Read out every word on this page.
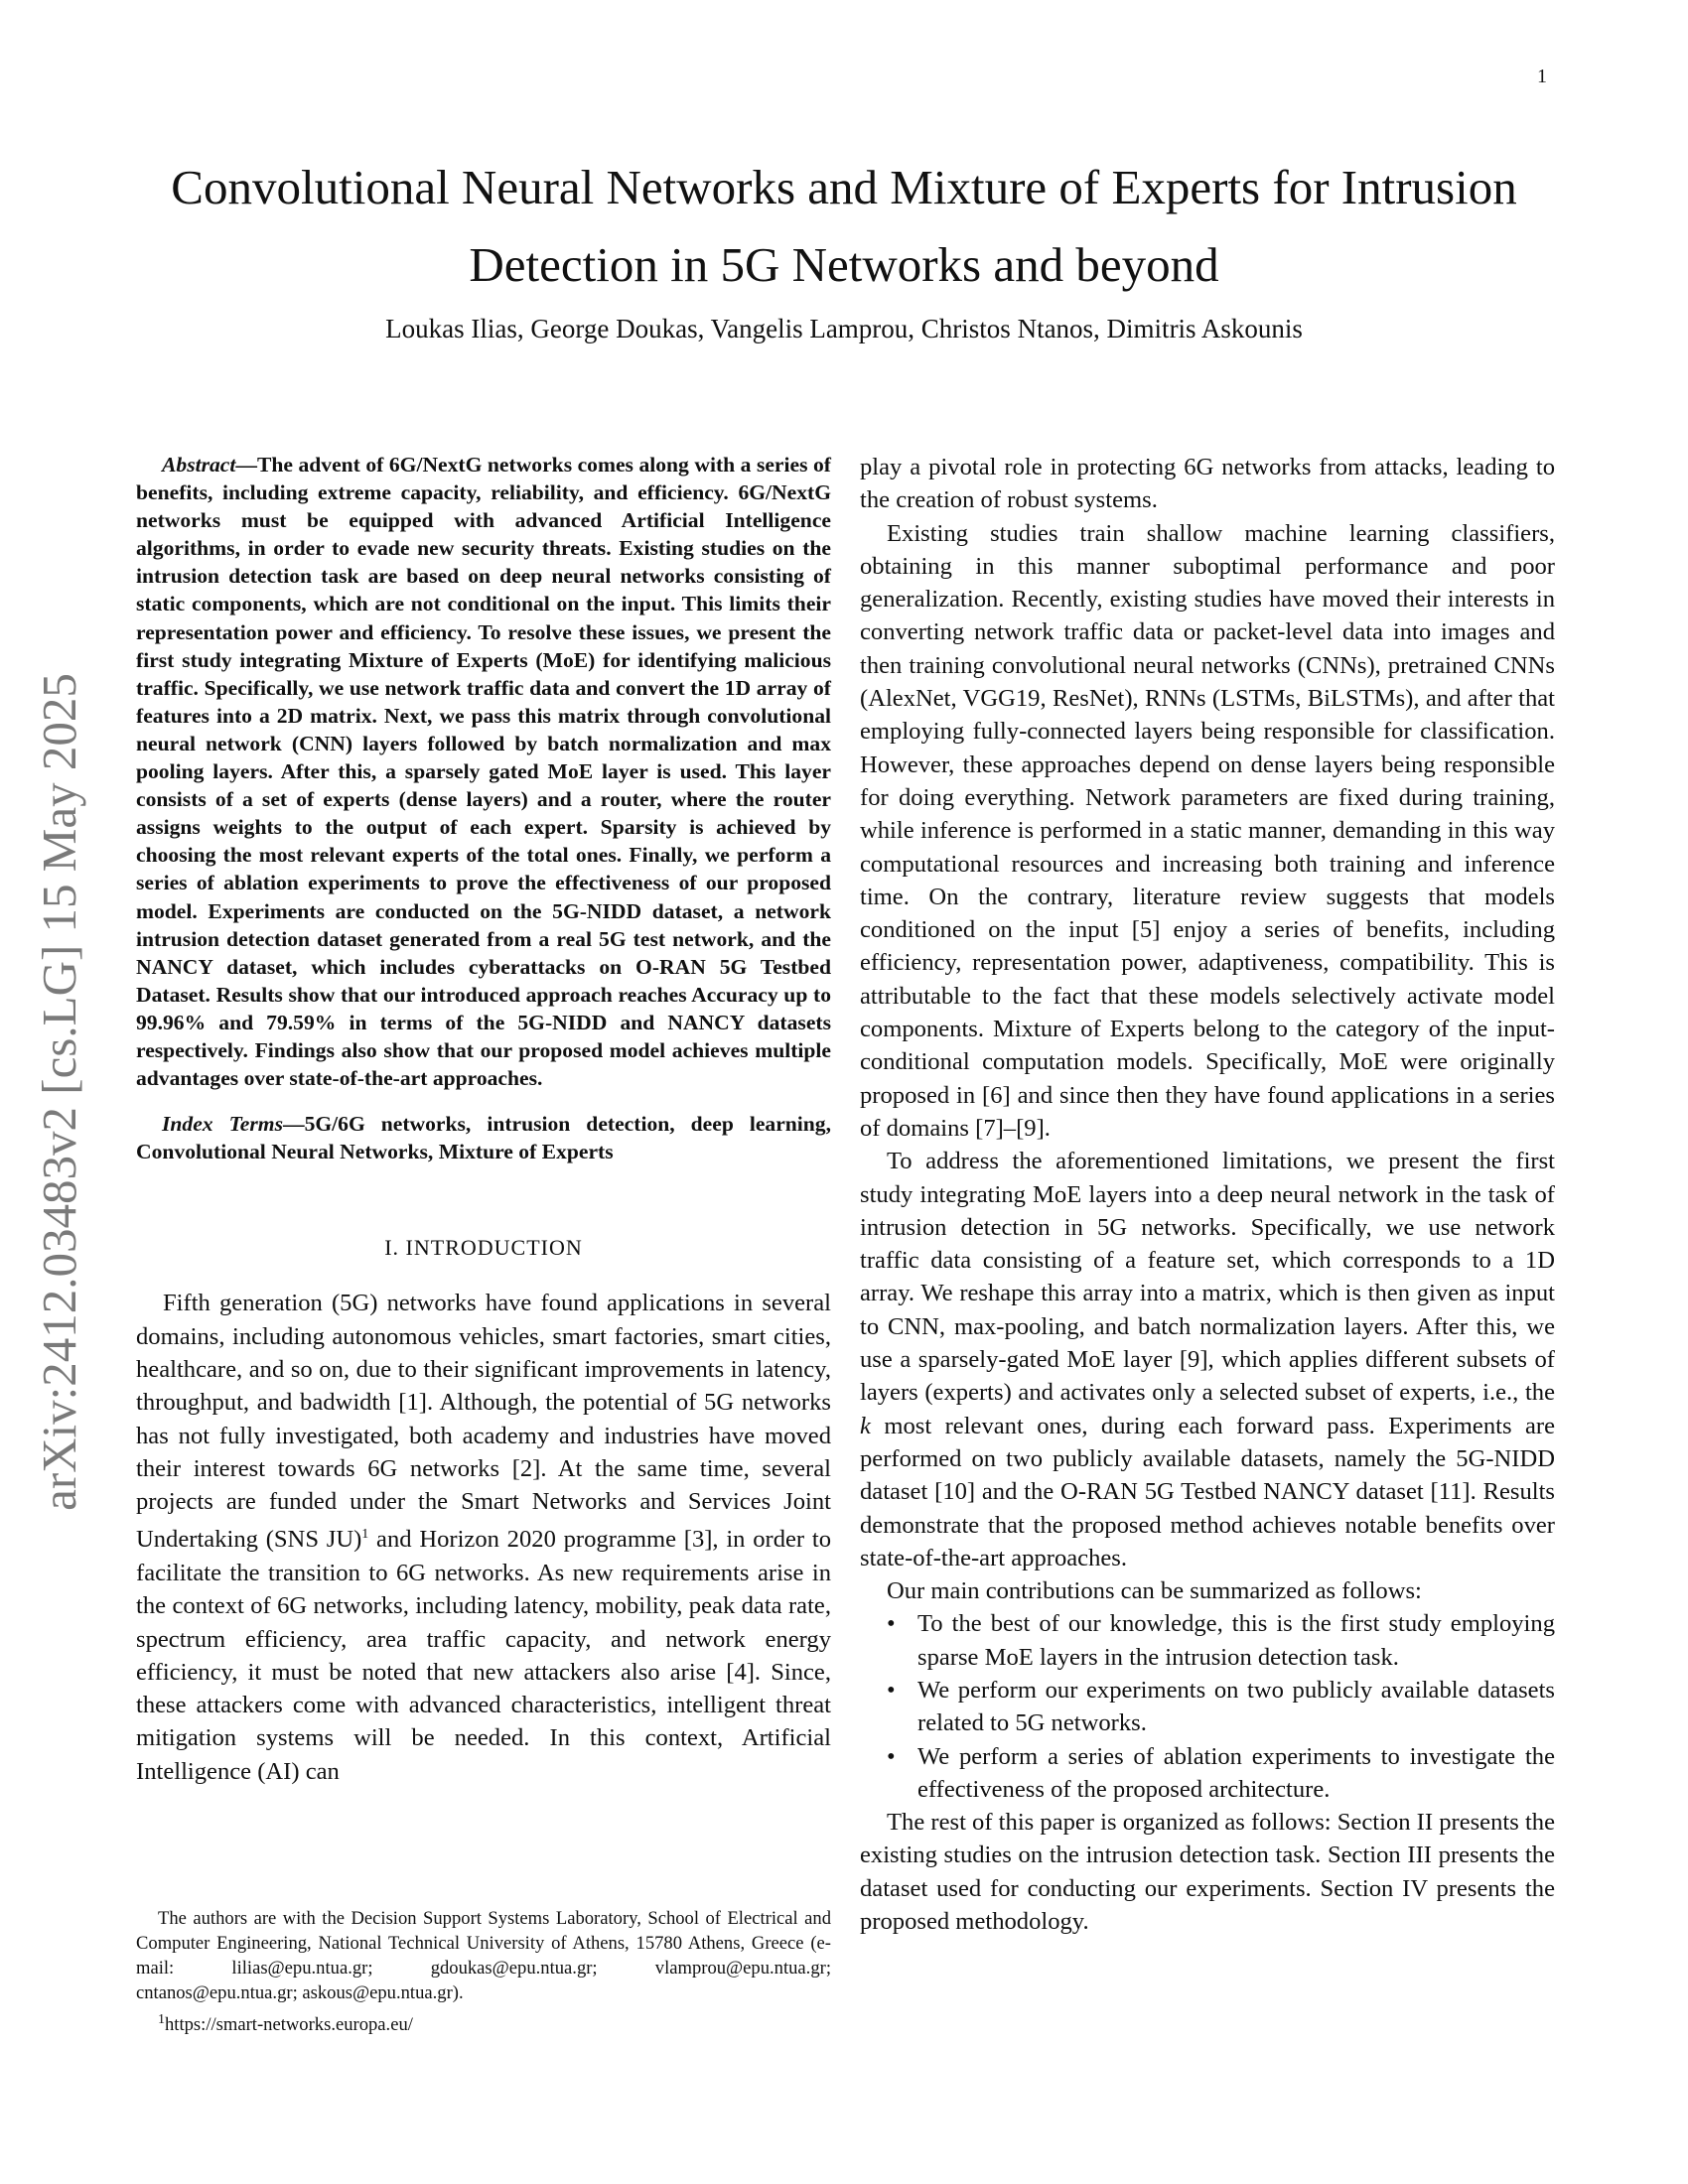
1
arXiv:2412.03483v2 [cs.LG] 15 May 2025
Convolutional Neural Networks and Mixture of Experts for Intrusion Detection in 5G Networks and beyond
Loukas Ilias, George Doukas, Vangelis Lamprou, Christos Ntanos, Dimitris Askounis

Abstract—The advent of 6G/NextG networks comes along with a series of benefits, including extreme capacity, reliability, and efficiency. 6G/NextG networks must be equipped with advanced Artificial Intelligence algorithms, in order to evade new security threats. Existing studies on the intrusion detection task are based on deep neural networks consisting of static components, which are not conditional on the input. This limits their representation power and efficiency. To resolve these issues, we present the first study integrating Mixture of Experts (MoE) for identifying malicious traffic. Specifically, we use network traffic data and convert the 1D array of features into a 2D matrix. Next, we pass this matrix through convolutional neural network (CNN) layers followed by batch normalization and max pooling layers. After this, a sparsely gated MoE layer is used. This layer consists of a set of experts (dense layers) and a router, where the router assigns weights to the output of each expert. Sparsity is achieved by choosing the most relevant experts of the total ones. Finally, we perform a series of ablation experiments to prove the effectiveness of our proposed model. Experiments are conducted on the 5G-NIDD dataset, a network intrusion detection dataset generated from a real 5G test network, and the NANCY dataset, which includes cyberattacks on O-RAN 5G Testbed Dataset. Results show that our introduced approach reaches Accuracy up to 99.96% and 79.59% in terms of the 5G-NIDD and NANCY datasets respectively. Findings also show that our proposed model achieves multiple advantages over state-of-the-art approaches.

Index Terms—5G/6G networks, intrusion detection, deep learning, Convolutional Neural Networks, Mixture of Experts

I. INTRODUCTION

Fifth generation (5G) networks have found applications in several domains, including autonomous vehicles, smart factories, smart cities, healthcare, and so on, due to their significant improvements in latency, throughput, and badwidth [1]. Although, the potential of 5G networks has not fully investigated, both academy and industries have moved their interest towards 6G networks [2]. At the same time, several projects are funded under the Smart Networks and Services Joint Undertaking (SNS JU)$^1$ and Horizon 2020 programme [3], in order to facilitate the transition to 6G networks. As new requirements arise in the context of 6G networks, including latency, mobility, peak data rate, spectrum efficiency, area traffic capacity, and network energy efficiency, it must be noted that new attackers also arise [4]. Since, these attackers come with advanced characteristics, intelligent threat mitigation systems will be needed. In this context, Artificial Intelligence (AI) can

play a pivotal role in protecting 6G networks from attacks, leading to the creation of robust systems.

Existing studies train shallow machine learning classifiers, obtaining in this manner suboptimal performance and poor generalization. Recently, existing studies have moved their interests in converting network traffic data or packet-level data into images and then training convolutional neural networks (CNNs), pretrained CNNs (AlexNet, VGG19, ResNet), RNNs (LSTMs, BiLSTMs), and after that employing fully-connected layers being responsible for classification. However, these approaches depend on dense layers being responsible for doing everything. Network parameters are fixed during training, while inference is performed in a static manner, demanding in this way computational resources and increasing both training and inference time. On the contrary, literature review suggests that models conditioned on the input [5] enjoy a series of benefits, including efficiency, representation power, adaptiveness, compatibility. This is attributable to the fact that these models selectively activate model components. Mixture of Experts belong to the category of the input-conditional computation models. Specifically, MoE were originally proposed in [6] and since then they have found applications in a series of domains [7]–[9].

To address the aforementioned limitations, we present the first study integrating MoE layers into a deep neural network in the task of intrusion detection in 5G networks. Specifically, we use network traffic data consisting of a feature set, which corresponds to a 1D array. We reshape this array into a matrix, which is then given as input to CNN, max-pooling, and batch normalization layers. After this, we use a sparsely-gated MoE layer [9], which applies different subsets of layers (experts) and activates only a selected subset of experts, i.e., the k most relevant ones, during each forward pass. Experiments are performed on two publicly available datasets, namely the 5G-NIDD dataset [10] and the O-RAN 5G Testbed NANCY dataset [11]. Results demonstrate that the proposed method achieves notable benefits over state-of-the-art approaches.

Our main contributions can be summarized as follows:

• To the best of our knowledge, this is the first study employing sparse MoE layers in the intrusion detection task.
• We perform our experiments on two publicly available datasets related to 5G networks.
• We perform a series of ablation experiments to investigate the effectiveness of the proposed architecture.

The rest of this paper is organized as follows: Section II presents the existing studies on the intrusion detection task. Section III presents the dataset used for conducting our experiments. Section IV presents the proposed methodology.

The authors are with the Decision Support Systems Laboratory, School of Electrical and Computer Engineering, National Technical University of Athens, 15780 Athens, Greece (e-mail: lilias@epu.ntua.gr; gdoukas@epu.ntua.gr; vlamprou@epu.ntua.gr; cntanos@epu.ntua.gr; askous@epu.ntua.gr).

$^1$https://smart-networks.europa.eu/
